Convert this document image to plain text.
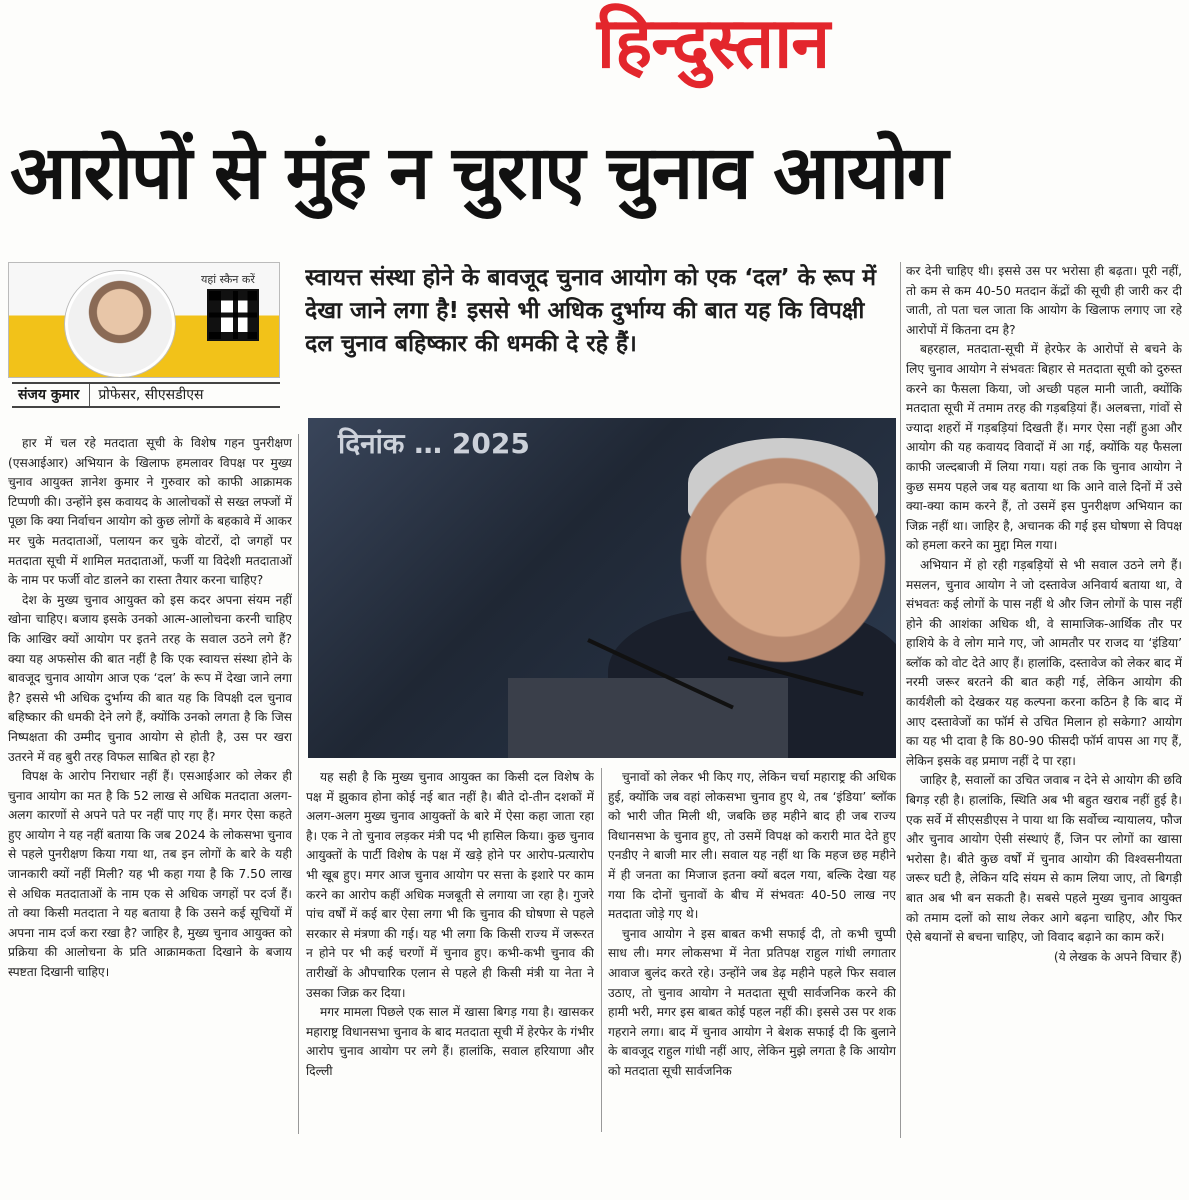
हिन्दुस्तान
आरोपों से मुंह न चुराए चुनाव आयोग
यहां स्कैन करें
संजय कुमार	प्रोफेसर, सीएसडीएस
स्वायत्त संस्था होने के बावजूद चुनाव आयोग को एक ‘दल’ के रूप में देखा जाने लगा है! इससे भी अधिक दुर्भाग्य की बात यह कि विपक्षी दल चुनाव बहिष्कार की धमकी दे रहे हैं।
दिनांक … 2025

हार में चल रहे मतदाता सूची के विशेष गहन पुनरीक्षण (एसआईआर) अभियान के खिलाफ हमलावर विपक्ष पर मुख्य चुनाव आयुक्त ज्ञानेश कुमार ने गुरुवार को काफी आक्रामक टिप्पणी की। उन्होंने इस कवायद के आलोचकों से सख्त लफ्जों में पूछा कि क्या निर्वाचन आयोग को कुछ लोगों के बहकावे में आकर मर चुके मतदाताओं, पलायन कर चुके वोटरों, दो जगहों पर मतदाता सूची में शामिल मतदाताओं, फर्जी या विदेशी मतदाताओं के नाम पर फर्जी वोट डालने का रास्ता तैयार करना चाहिए?

देश के मुख्य चुनाव आयुक्त को इस कदर अपना संयम नहीं खोना चाहिए। बजाय इसके उनको आत्म-आलोचना करनी चाहिए कि आखिर क्यों आयोग पर इतने तरह के सवाल उठने लगे हैं? क्या यह अफसोस की बात नहीं है कि एक स्वायत्त संस्था होने के बावजूद चुनाव आयोग आज एक ‘दल’ के रूप में देखा जाने लगा है? इससे भी अधिक दुर्भाग्य की बात यह कि विपक्षी दल चुनाव बहिष्कार की धमकी देने लगे हैं, क्योंकि उनको लगता है कि जिस निष्पक्षता की उम्मीद चुनाव आयोग से होती है, उस पर खरा उतरने में वह बुरी तरह विफल साबित हो रहा है?

विपक्ष के आरोप निराधार नहीं हैं। एसआईआर को लेकर ही चुनाव आयोग का मत है कि 52 लाख से अधिक मतदाता अलग-अलग कारणों से अपने पते पर नहीं पाए गए हैं। मगर ऐसा कहते हुए आयोग ने यह नहीं बताया कि जब 2024 के लोकसभा चुनाव से पहले पुनरीक्षण किया गया था, तब इन लोगों के बारे के यही जानकारी क्यों नहीं मिली? यह भी कहा गया है कि 7.50 लाख से अधिक मतदाताओं के नाम एक से अधिक जगहों पर दर्ज हैं। तो क्या किसी मतदाता ने यह बताया है कि उसने कई सूचियों में अपना नाम दर्ज करा रखा है? जाहिर है, मुख्य चुनाव आयुक्त को प्रक्रिया की आलोचना के प्रति आक्रामकता दिखाने के बजाय स्पष्टता दिखानी चाहिए।

यह सही है कि मुख्य चुनाव आयुक्त का किसी दल विशेष के पक्ष में झुकाव होना कोई नई बात नहीं है। बीते दो-तीन दशकों में अलग-अलग मुख्य चुनाव आयुक्तों के बारे में ऐसा कहा जाता रहा है। एक ने तो चुनाव लड़कर मंत्री पद भी हासिल किया। कुछ चुनाव आयुक्तों के पार्टी विशेष के पक्ष में खड़े होने पर आरोप-प्रत्यारोप भी खूब हुए। मगर आज चुनाव आयोग पर सत्ता के इशारे पर काम करने का आरोप कहीं अधिक मजबूती से लगाया जा रहा है। गुजरे पांच वर्षों में कई बार ऐसा लगा भी कि चुनाव की घोषणा से पहले सरकार से मंत्रणा की गई। यह भी लगा कि किसी राज्य में जरूरत न होने पर भी कई चरणों में चुनाव हुए। कभी-कभी चुनाव की तारीखों के औपचारिक एलान से पहले ही किसी मंत्री या नेता ने उसका जिक्र कर दिया।

मगर मामला पिछले एक साल में खासा बिगड़ गया है। खासकर महाराष्ट्र विधानसभा चुनाव के बाद मतदाता सूची में हेरफेर के गंभीर आरोप चुनाव आयोग पर लगे हैं। हालांकि, सवाल हरियाणा और दिल्ली

चुनावों को लेकर भी किए गए, लेकिन चर्चा महाराष्ट्र की अधिक हुई, क्योंकि जब वहां लोकसभा चुनाव हुए थे, तब ‘इंडिया’ ब्लॉक को भारी जीत मिली थी, जबकि छह महीने बाद ही जब राज्य विधानसभा के चुनाव हुए, तो उसमें विपक्ष को करारी मात देते हुए एनडीए ने बाजी मार ली। सवाल यह नहीं था कि महज छह महीने में ही जनता का मिजाज इतना क्यों बदल गया, बल्कि देखा यह गया कि दोनों चुनावों के बीच में संभवतः 40-50 लाख नए मतदाता जोड़े गए थे।

चुनाव आयोग ने इस बाबत कभी सफाई दी, तो कभी चुप्पी साध ली। मगर लोकसभा में नेता प्रतिपक्ष राहुल गांधी लगातार आवाज बुलंद करते रहे। उन्होंने जब डेढ़ महीने पहले फिर सवाल उठाए, तो चुनाव आयोग ने मतदाता सूची सार्वजनिक करने की हामी भरी, मगर इस बाबत कोई पहल नहीं की। इससे उस पर शक गहराने लगा। बाद में चुनाव आयोग ने बेशक सफाई दी कि बुलाने के बावजूद राहुल गांधी नहीं आए, लेकिन मुझे लगता है कि आयोग को मतदाता सूची सार्वजनिक

कर देनी चाहिए थी। इससे उस पर भरोसा ही बढ़ता। पूरी नहीं, तो कम से कम 40-50 मतदान केंद्रों की सूची ही जारी कर दी जाती, तो पता चल जाता कि आयोग के खिलाफ लगाए जा रहे आरोपों में कितना दम है?

बहरहाल, मतदाता-सूची में हेरफेर के आरोपों से बचने के लिए चुनाव आयोग ने संभवतः बिहार से मतदाता सूची को दुरुस्त करने का फैसला किया, जो अच्छी पहल मानी जाती, क्योंकि मतदाता सूची में तमाम तरह की गड़बड़ियां हैं। अलबत्ता, गांवों से ज्यादा शहरों में गड़बड़ियां दिखती हैं। मगर ऐसा नहीं हुआ और आयोग की यह कवायद विवादों में आ गई, क्योंकि यह फैसला काफी जल्दबाजी में लिया गया। यहां तक कि चुनाव आयोग ने कुछ समय पहले जब यह बताया था कि आने वाले दिनों में उसे क्या-क्या काम करने हैं, तो उसमें इस पुनरीक्षण अभियान का जिक्र नहीं था। जाहिर है, अचानक की गई इस घोषणा से विपक्ष को हमला करने का मुद्दा मिल गया।

अभियान में हो रही गड़बड़ियों से भी सवाल उठने लगे हैं। मसलन, चुनाव आयोग ने जो दस्तावेज अनिवार्य बताया था, वे संभवतः कई लोगों के पास नहीं थे और जिन लोगों के पास नहीं होने की आशंका अधिक थी, वे सामाजिक-आर्थिक तौर पर हाशिये के वे लोग माने गए, जो आमतौर पर राजद या ‘इंडिया’ ब्लॉक को वोट देते आए हैं। हालांकि, दस्तावेज को लेकर बाद में नरमी जरूर बरतने की बात कही गई, लेकिन आयोग की कार्यशैली को देखकर यह कल्पना करना कठिन है कि बाद में आए दस्तावेजों का फॉर्म से उचित मिलान हो सकेगा? आयोग का यह भी दावा है कि 80-90 फीसदी फॉर्म वापस आ गए हैं, लेकिन इसके वह प्रमाण नहीं दे पा रहा।

जाहिर है, सवालों का उचित जवाब न देने से आयोग की छवि बिगड़ रही है। हालांकि, स्थिति अब भी बहुत खराब नहीं हुई है। एक सर्वे में सीएसडीएस ने पाया था कि सर्वोच्च न्यायालय, फौज और चुनाव आयोग ऐसी संस्थाएं हैं, जिन पर लोगों का खासा भरोसा है। बीते कुछ वर्षों में चुनाव आयोग की विश्वसनीयता जरूर घटी है, लेकिन यदि संयम से काम लिया जाए, तो बिगड़ी बात अब भी बन सकती है। सबसे पहले मुख्य चुनाव आयुक्त को तमाम दलों को साथ लेकर आगे बढ़ना चाहिए, और फिर ऐसे बयानों से बचना चाहिए, जो विवाद बढ़ाने का काम करें।

(ये लेखक के अपने विचार हैं)
